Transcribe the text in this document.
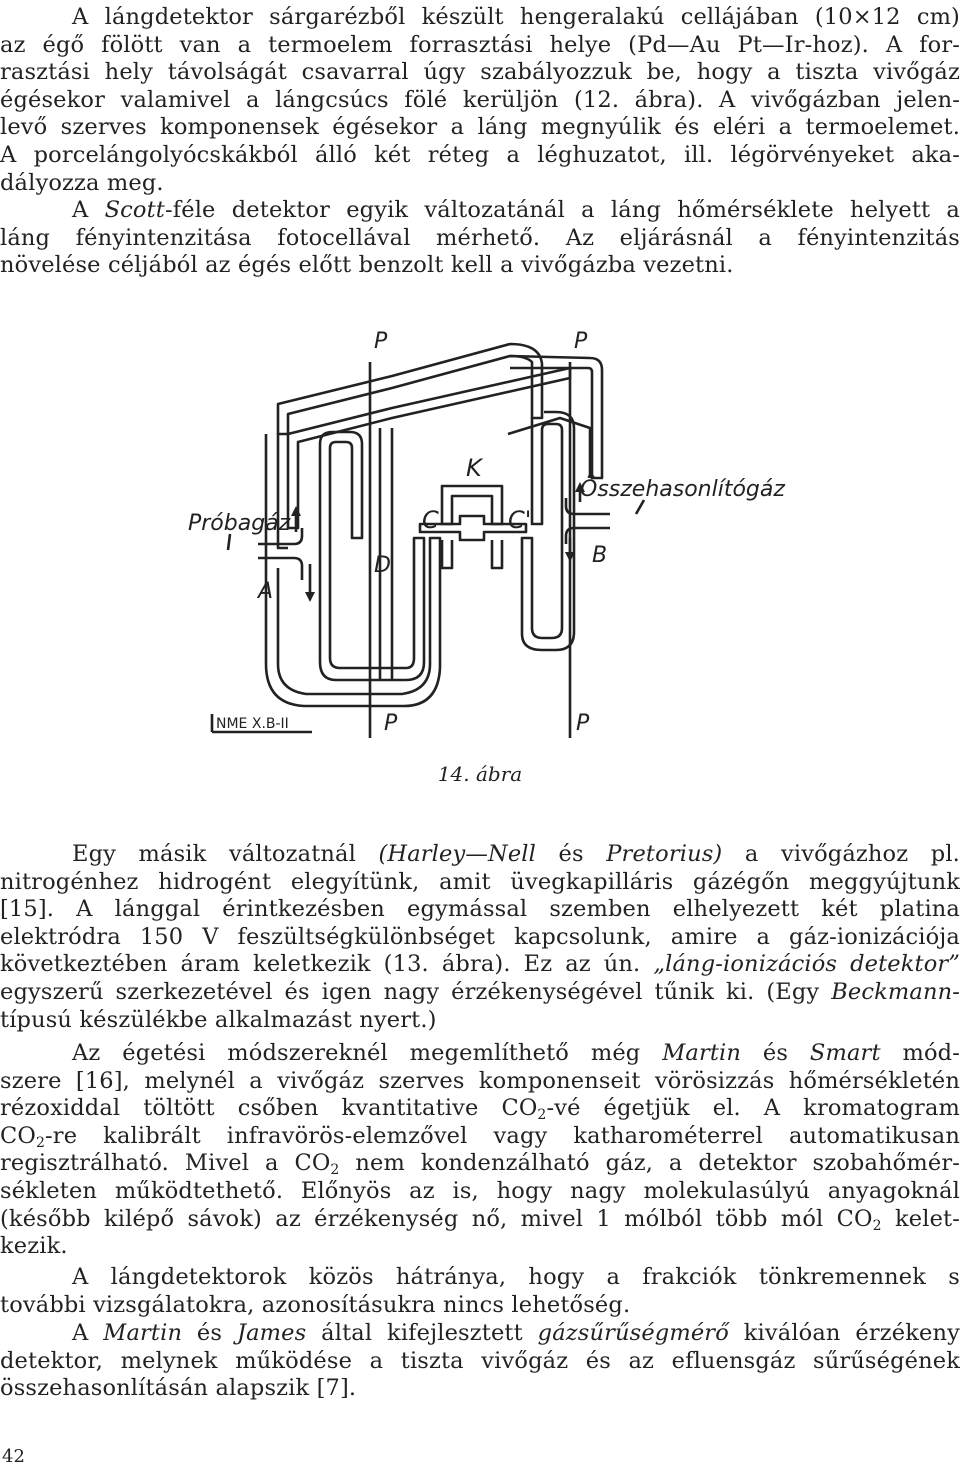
A lángdetektor sárgarézből készült hengeralakú cellájában (10×12 cm)
az égő fölött van a termoelem forrasztási helye (Pd—Au Pt—Ir-hoz). A for-
rasztási hely távolságát csavarral úgy szabályozzuk be, hogy a tiszta vivőgáz
égésekor valamivel a lángcsúcs fölé kerüljön (12. ábra). A vivőgázban jelen-
levő szerves komponensek égésekor a láng megnyúlik és eléri a termoelemet.
A porcelángolyócskákból álló két réteg a léghuzatot, ill. légörvényeket aka-
dályozza meg.
A Scott-féle detektor egyik változatánál a láng hőmérséklete helyett a
láng fényintenzitása fotocellával mérhető. Az eljárásnál a fényintenzitás
növelése céljából az égés előtt benzolt kell a vivőgázba vezetni.
P	P
P	P
K
C	C'
D
A
B
Próbagáz
Összehasonlítógáz
NME X.B-II
14. ábra
Egy másik változatnál (Harley—Nell és Pretorius) a vivőgázhoz pl.
nitrogénhez hidrogént elegyítünk, amit üvegkapilláris gázégőn meggyújtunk
[15]. A lánggal érintkezésben egymással szemben elhelyezett két platina
elektródra 150 V feszültségkülönbséget kapcsolunk, amire a gáz-ionizációja
következtében áram keletkezik (13. ábra). Ez az ún. „láng-ionizációs detektor”
egyszerű szerkezetével és igen nagy érzékenységével tűnik ki. (Egy Beckmann-
típusú készülékbe alkalmazást nyert.)
Az égetési módszereknél megemlíthető még Martin és Smart mód-
szere [16], melynél a vivőgáz szerves komponenseit vörösizzás hőmérsékletén
rézoxiddal töltött csőben kvantitative $CO_2-vé$ égetjük el. A kromatogram
$CO_2-re$ kalibrált infravörös-elemzővel vagy katharométerrel automatikusan
regisztrálható. Mivel a $CO_2$ nem kondenzálható gáz, a detektor szobahőmér-
sékleten működtethető. Előnyös az is, hogy nagy molekulasúlyú anyagoknál
(később kilépő sávok) az érzékenység nő, mivel 1 mólból több mól $CO_2$ kelet-
kezik.
A lángdetektorok közös hátránya, hogy a frakciók tönkremennek s
további vizsgálatokra, azonosításukra nincs lehetőség.
A Martin és James által kifejlesztett gázsűrűségmérő kiválóan érzékeny
detektor, melynek működése a tiszta vivőgáz és az efluensgáz sűrűségének
összehasonlításán alapszik [7].
42
